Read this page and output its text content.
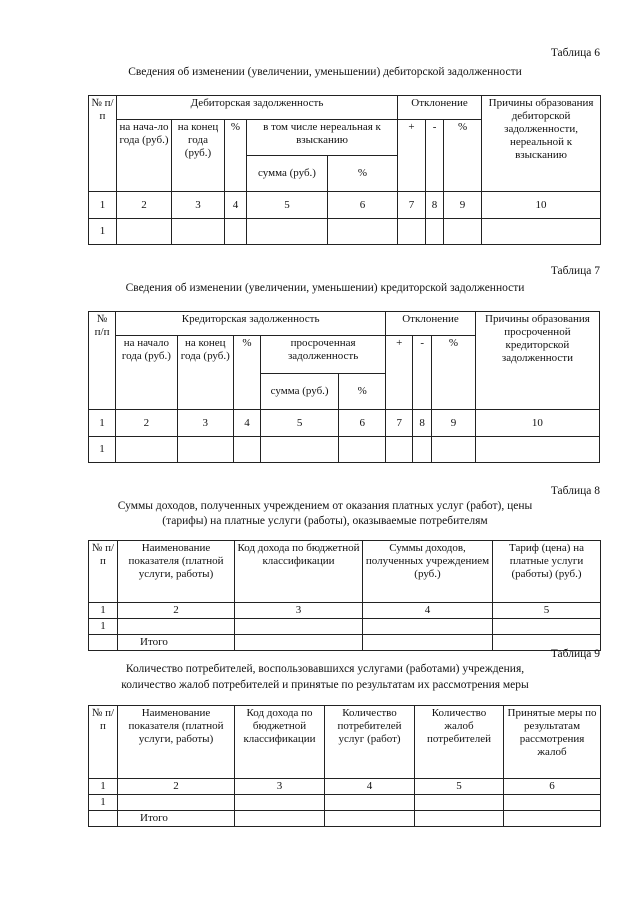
Таблица 6
Сведения об изменении (увеличении, уменьшении) дебиторской задолженности
№ п/п	Дебиторская задолженность					Отклонение			Причины образования дебиторской задолженности, нереальной к взысканию
	на нача-ло года (руб.)	на конец года (руб.)	%	в том числе нереальная к взысканию		+	-	%	
				сумма (руб.)	%				
1	2	3	4	5	6	7	8	9	10
1									
Таблица 7
Сведения об изменении (увеличении, уменьшении) кредиторской задолженности
№ п/п	Кредиторская задолженность					Отклонение			Причины образования просроченной кредиторской задолженности
	на начало года (руб.)	на конец года (руб.)	%	просроченная задолженность		+	-	%	
				сумма (руб.)	%				
1	2	3	4	5	6	7	8	9	10
1									
Таблица 8
Суммы доходов, полученных учреждением от оказания платных услуг (работ), цены
(тарифы) на платные услуги (работы), оказываемые потребителям
№ п/п	Наименование показателя (платной услуги, работы)	Код дохода по бюджетной классификации	Суммы доходов, полученных учреждением (руб.)	Тариф (цена) на платные услуги (работы) (руб.)
1	2	3	4	5
1				
	Итого			
Таблица 9
Количество потребителей, воспользовавшихся услугами (работами) учреждения,
количество жалоб потребителей и принятые по результатам их рассмотрения меры
№ п/п	Наименование показателя (платной услуги, работы)	Код дохода по бюджетной классификации	Количество потребителей услуг (работ)	Количество жалоб потребителей	Принятые меры по результатам рассмотрения жалоб
1	2	3	4	5	6
1					
	Итого				
